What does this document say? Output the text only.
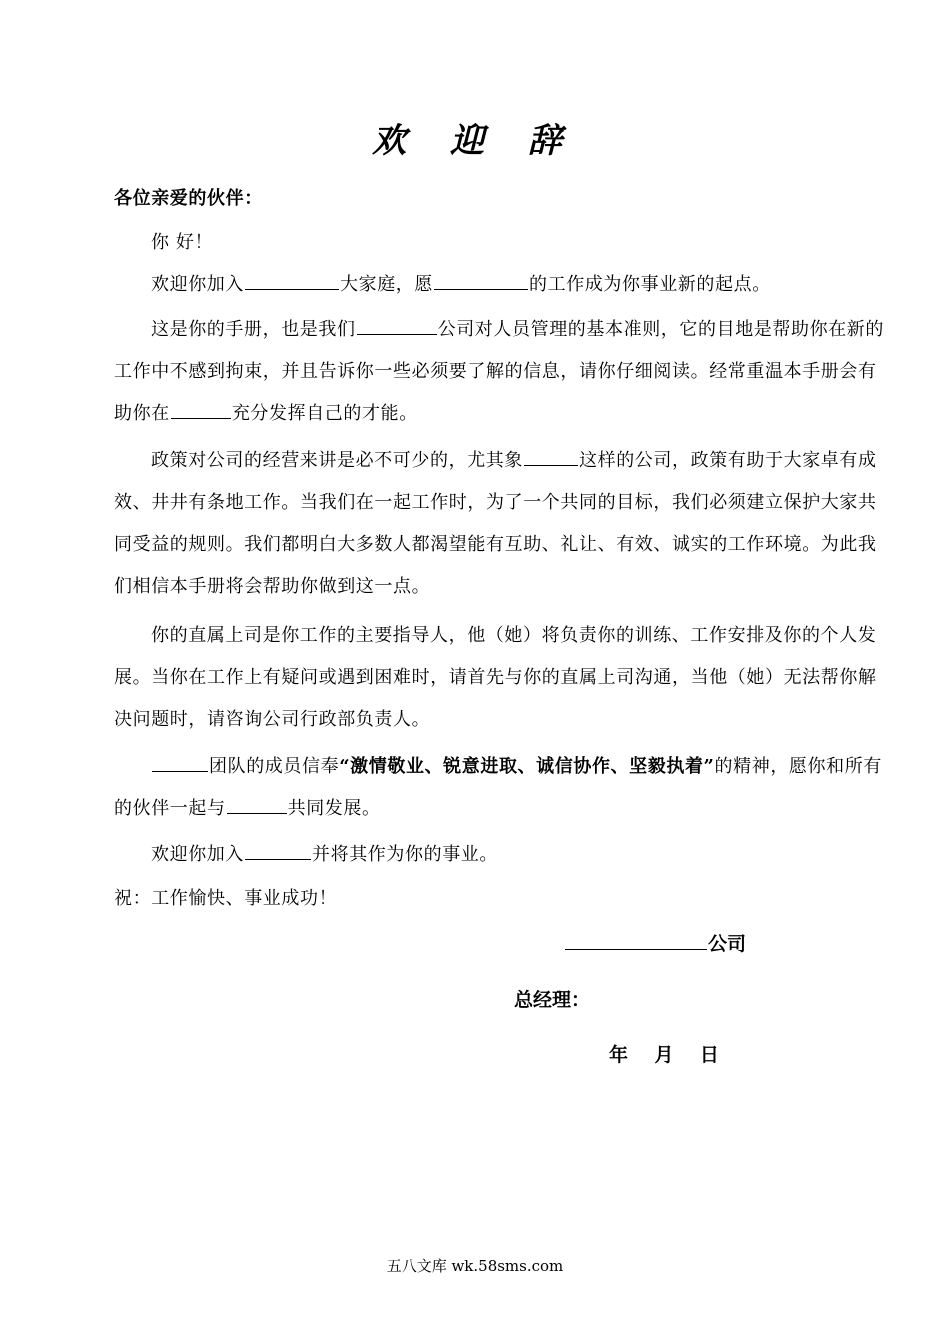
欢 迎 辞
各位亲爱的伙伴：
你 好！
欢迎你加入	大家庭，愿	的工作成为你事业新的起点。
这是你的手册，也是我们	公司对人员管理的基本准则，它的目地是帮助你在新的工作中不感到拘束，并且告诉你一些必须要了解的信息，请你仔细阅读。经常重温本手册会有助你在	充分发挥自己的才能。
政策对公司的经营来讲是必不可少的，尤其象	这样的公司，政策有助于大家卓有成效、井井有条地工作。当我们在一起工作时，为了一个共同的目标，我们必须建立保护大家共同受益的规则。我们都明白大多数人都渴望能有互助、礼让、有效、诚实的工作环境。为此我们相信本手册将会帮助你做到这一点。
你的直属上司是你工作的主要指导人，他（她）将负责你的训练、工作安排及你的个人发展。当你在工作上有疑问或遇到困难时，请首先与你的直属上司沟通，当他（她）无法帮你解决问题时，请咨询公司行政部负责人。
团队的成员信奉“激情敬业、锐意进取、诚信协作、坚毅执着”的精神，愿你和所有的伙伴一起与	共同发展。
欢迎你加入	并将其作为你的事业。
祝：工作愉快、事业成功！
公司
总经理：
年    月    日
五八文库 wk.58sms.com
